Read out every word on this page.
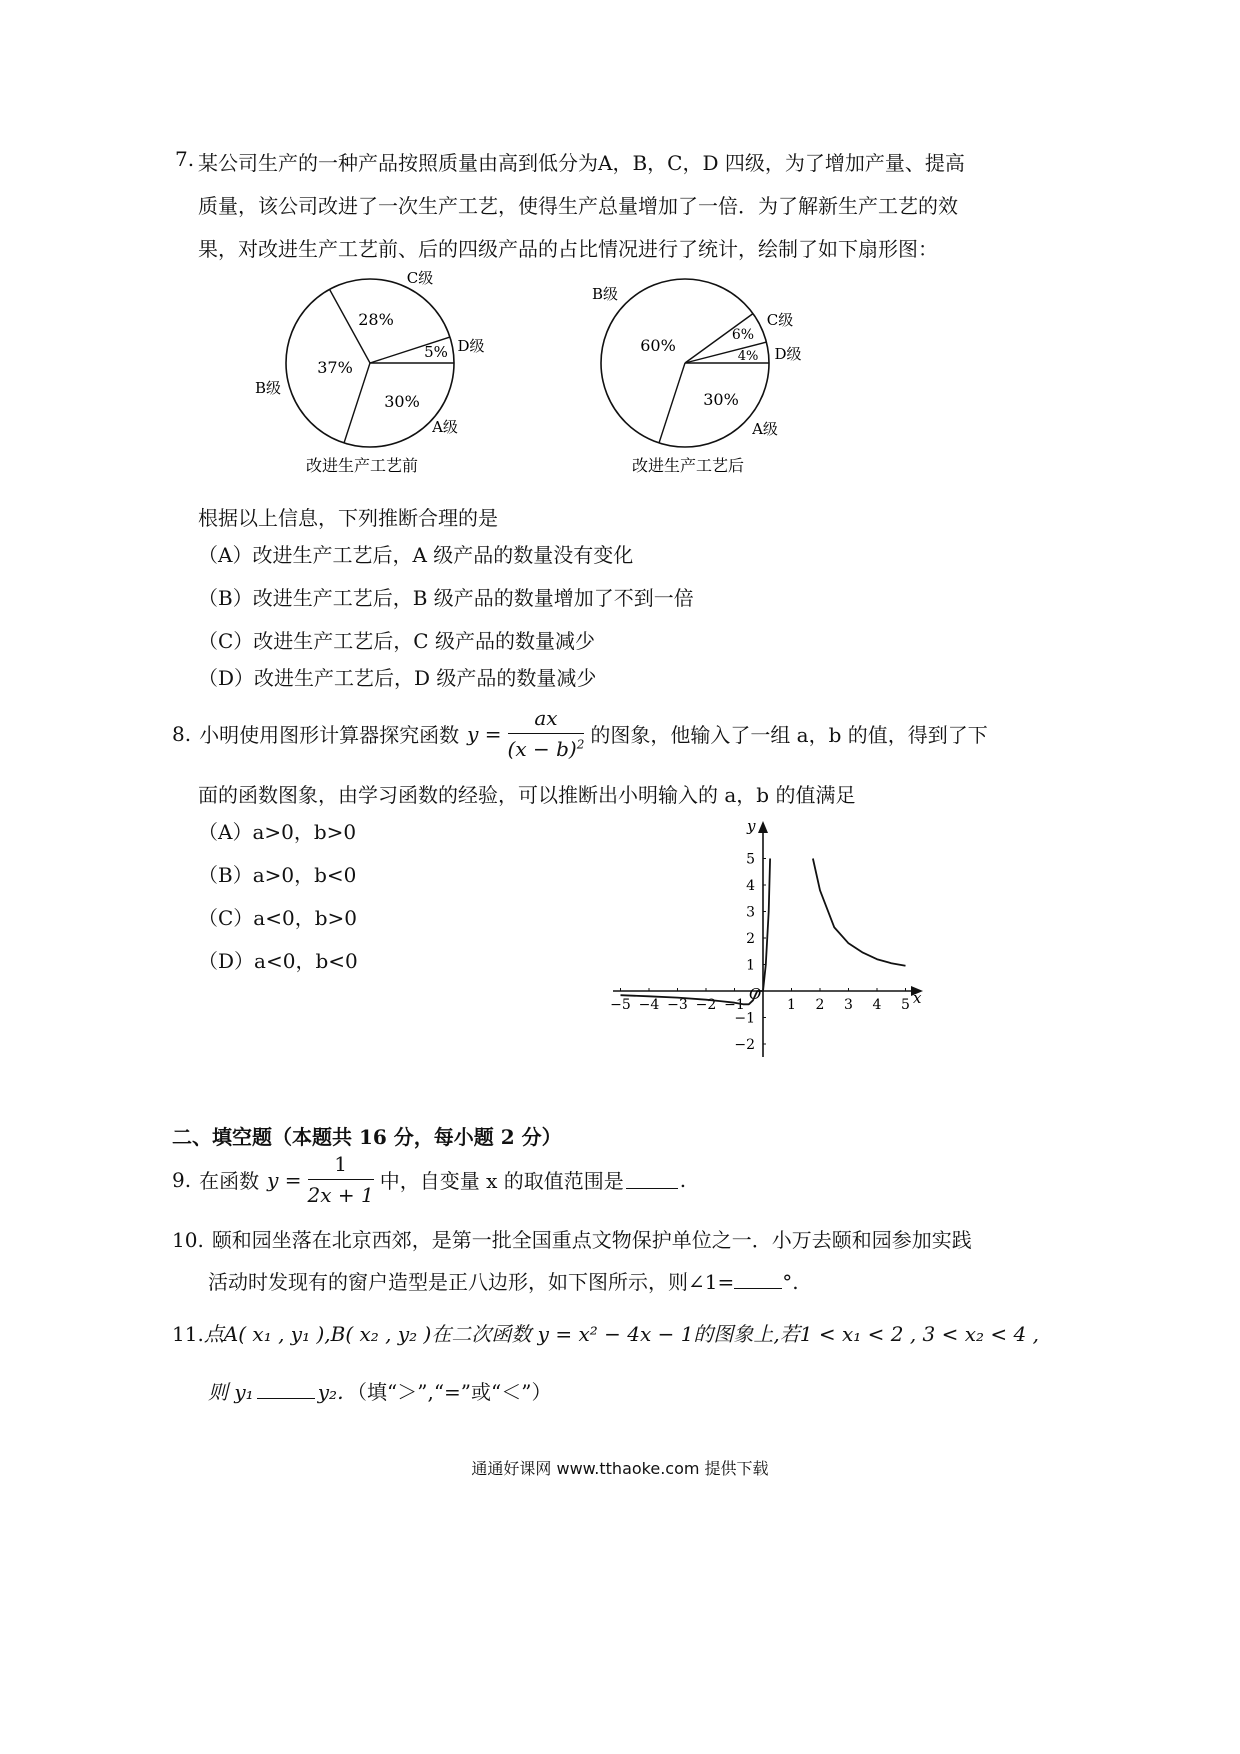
7. 某公司生产的一种产品按照质量由高到低分为A，B，C，D 四级，为了增加产量、提高
质量，该公司改进了一次生产工艺，使得生产总量增加了一倍．为了解新生产工艺的效
果，对改进生产工艺前、后的四级产品的占比情况进行了统计，绘制了如下扇形图：
28%
5%
37%
30%
C级
D级
B级
A级
改进生产工艺前
60%
6%
4%
30%
B级
C级
D级
A级
改进生产工艺后
根据以上信息，下列推断合理的是
（A）改进生产工艺后，A 级产品的数量没有变化
（B）改进生产工艺后，B 级产品的数量增加了不到一倍
（C）改进生产工艺后，C 级产品的数量减少
（D）改进生产工艺后，D 级产品的数量减少
8. 小明使用图形计算器探究函数 $y = \frac{ax}{(x - b)^2}$ 的图象，他输入了一组 a，b 的值，得到了下
面的函数图象，由学习函数的经验，可以推断出小明输入的 a，b 的值满足
（A）a>0，b>0
（B）a>0，b<0
（C）a<0，b>0
（D）a<0，b<0
x
y
O
−5 −4 −3 −2 −1	1 2 3 4 5
5
4
3
2
1
−1
−2
二、填空题（本题共 16 分，每小题 2 分）
9. 在函数 $y = \frac{1}{2x + 1}$ 中，自变量 x 的取值范围是	.
10. 颐和园坐落在北京西郊，是第一批全国重点文物保护单位之一．小万去颐和园参加实践
活动时发现有的窗户造型是正八边形，如下图所示，则∠1= °.
11.点A( x₁ , y₁ ),B( x₂ , y₂ )在二次函数 y = x² − 4x − 1的图象上,若1 < x₁ < 2 , 3 < x₂ < 4 ,
则 y₁	y₂．（填“＞”,“=”或“＜”）
通通好课网 www.tthaoke.com 提供下载
